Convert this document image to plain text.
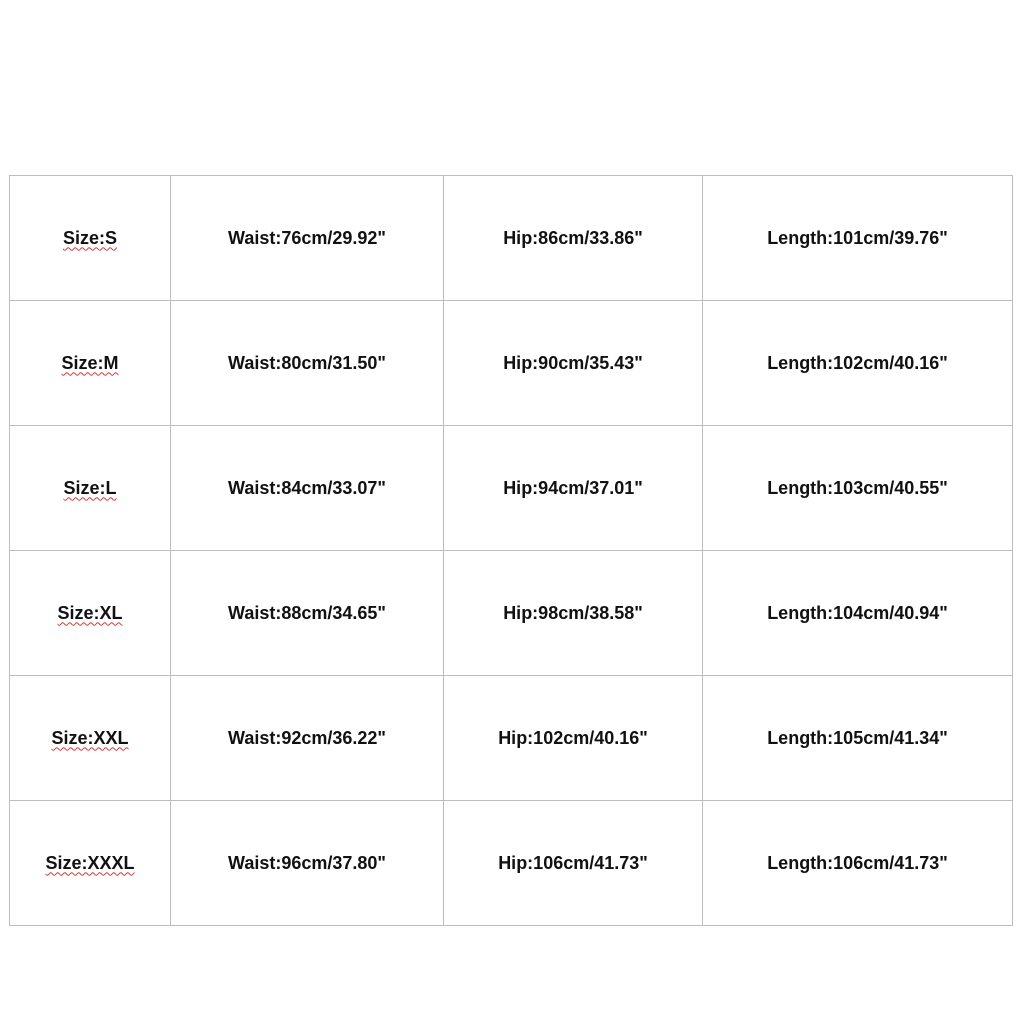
Size:S	Waist:76cm/29.92"	Hip:86cm/33.86"	Length:101cm/39.76"
Size:M	Waist:80cm/31.50"	Hip:90cm/35.43"	Length:102cm/40.16"
Size:L	Waist:84cm/33.07"	Hip:94cm/37.01"	Length:103cm/40.55"
Size:XL	Waist:88cm/34.65"	Hip:98cm/38.58"	Length:104cm/40.94"
Size:XXL	Waist:92cm/36.22"	Hip:102cm/40.16"	Length:105cm/41.34"
Size:XXXL	Waist:96cm/37.80"	Hip:106cm/41.73"	Length:106cm/41.73"
